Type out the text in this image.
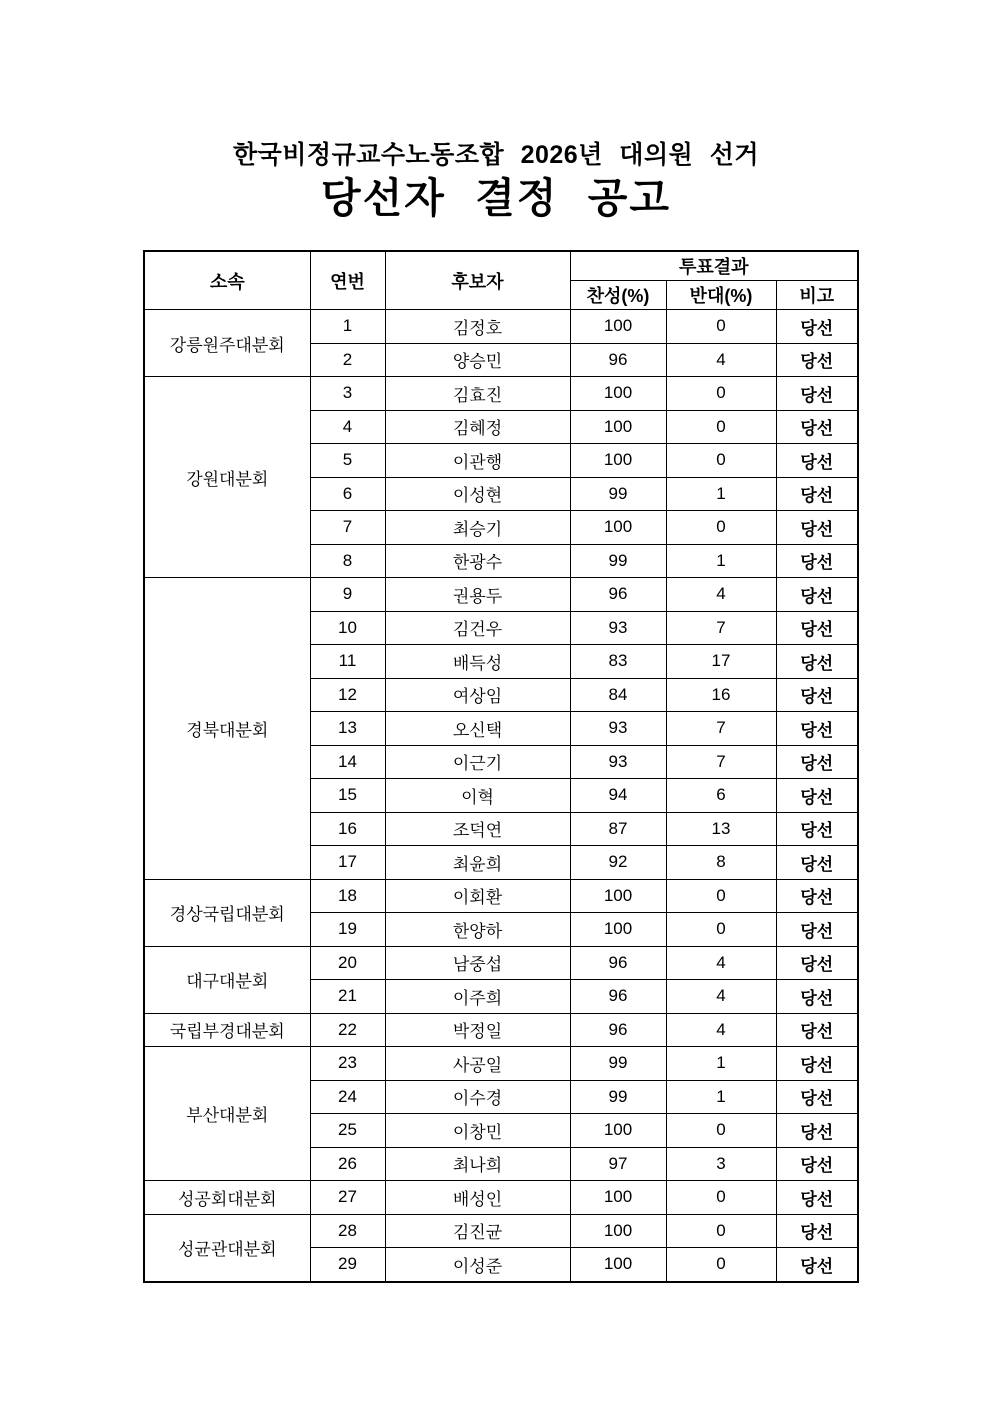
한국비정규교수노동조합 2026년 대의원 선거
당선자 결정 공고
소속	연번	후보자	투표결과		
			찬성(%)	반대(%)	비고
강릉원주대분회	1	김정호	100	0	당선
	2	양승민	96	4	당선
강원대분회	3	김효진	100	0	당선
	4	김혜정	100	0	당선
	5	이관행	100	0	당선
	6	이성현	99	1	당선
	7	최승기	100	0	당선
	8	한광수	99	1	당선
경북대분회	9	권용두	96	4	당선
	10	김건우	93	7	당선
	11	배득성	83	17	당선
	12	여상임	84	16	당선
	13	오신택	93	7	당선
	14	이근기	93	7	당선
	15	이혁	94	6	당선
	16	조덕연	87	13	당선
	17	최윤희	92	8	당선
경상국립대분회	18	이회환	100	0	당선
	19	한양하	100	0	당선
대구대분회	20	남중섭	96	4	당선
	21	이주희	96	4	당선
국립부경대분회	22	박정일	96	4	당선
부산대분회	23	사공일	99	1	당선
	24	이수경	99	1	당선
	25	이창민	100	0	당선
	26	최나희	97	3	당선
성공회대분회	27	배성인	100	0	당선
성균관대분회	28	김진균	100	0	당선
	29	이성준	100	0	당선
